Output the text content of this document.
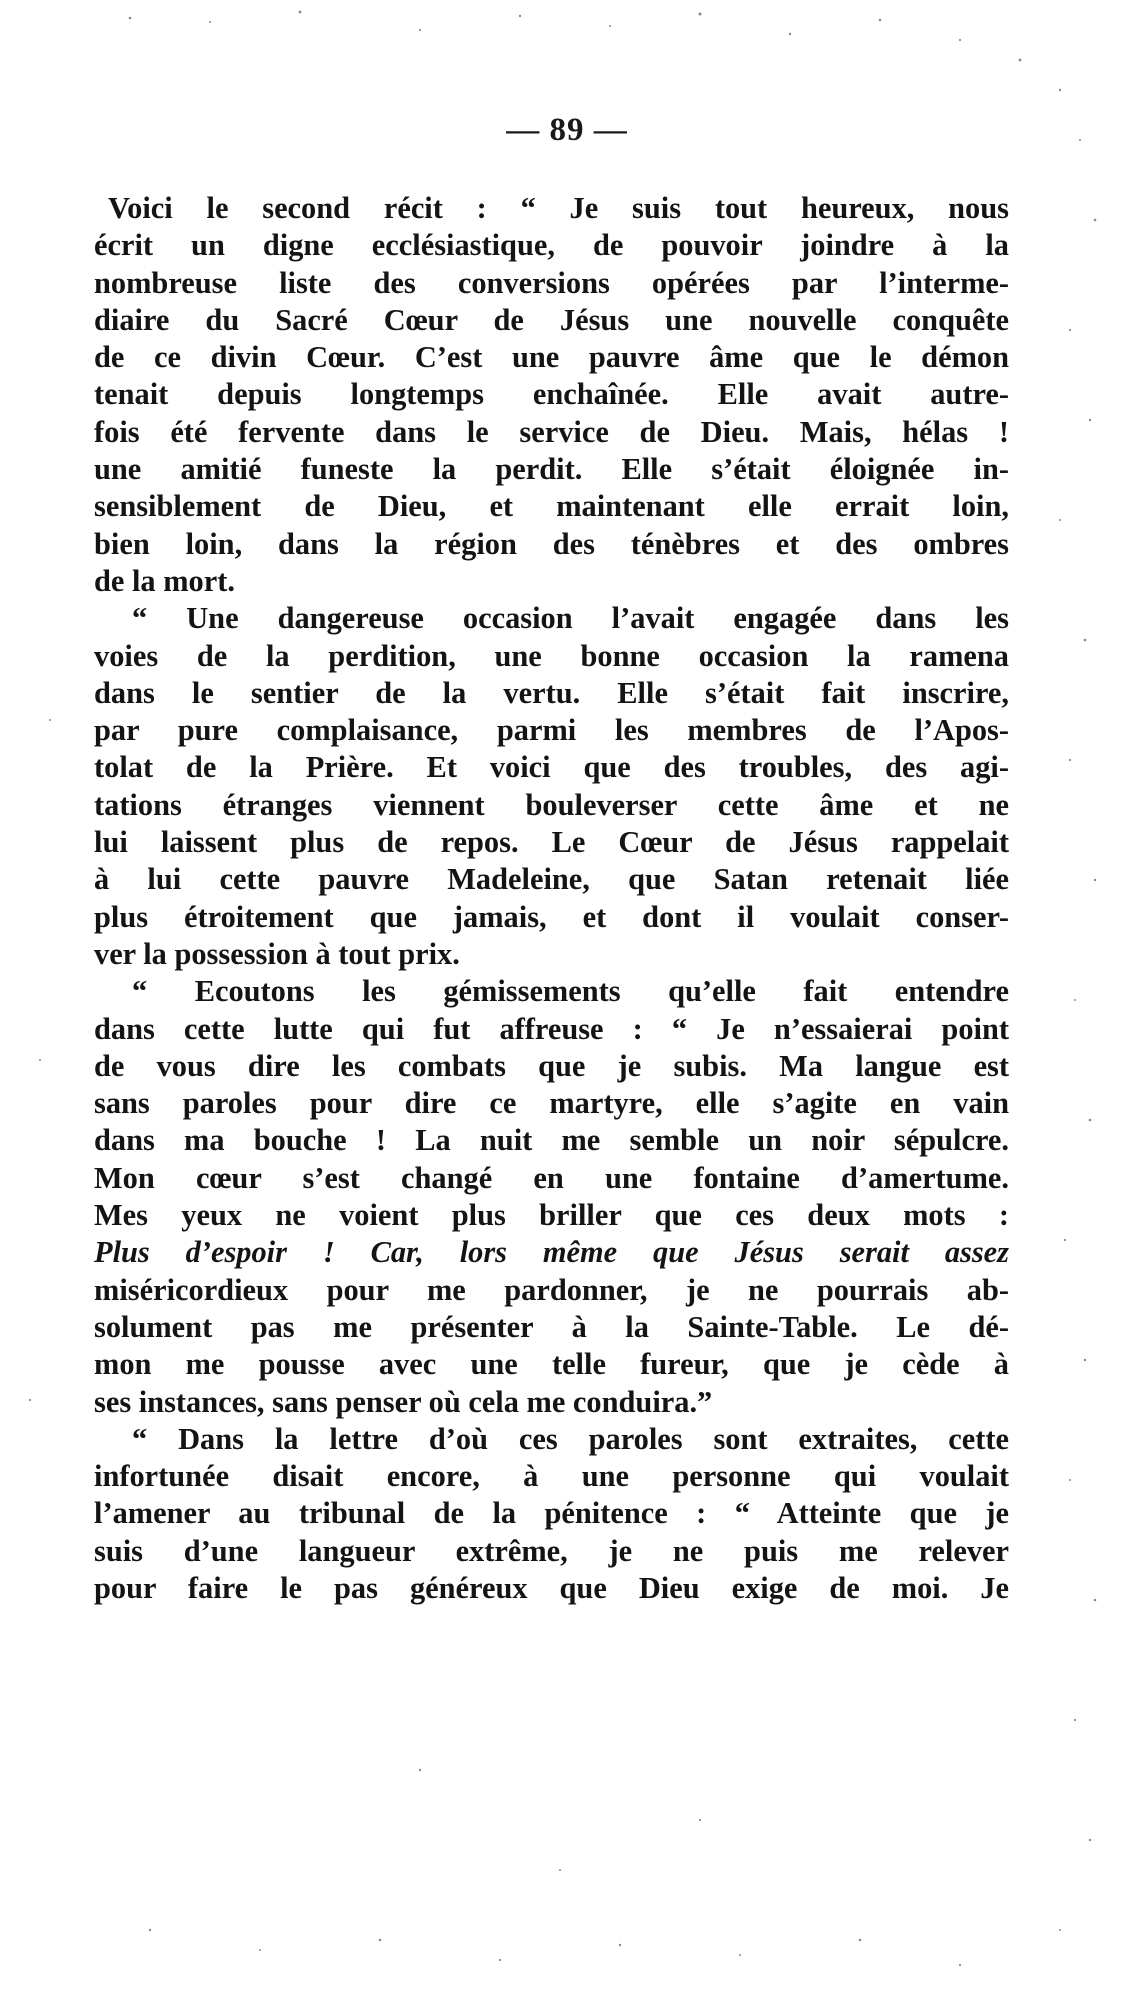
— 89 —
Voici le second récit : “ Je suis tout heureux, nous
écrit un digne ecclésiastique, de pouvoir joindre à la
nombreuse liste des conversions opérées par l’interme-
diaire du Sacré Cœur de Jésus une nouvelle conquête
de ce divin Cœur. C’est une pauvre âme que le démon
tenait depuis longtemps enchaînée. Elle avait autre-
fois été fervente dans le service de Dieu. Mais, hélas !
une amitié funeste la perdit. Elle s’était éloignée in-
sensiblement de Dieu, et maintenant elle errait loin,
bien loin, dans la région des ténèbres et des ombres
de la mort.
“ Une dangereuse occasion l’avait engagée dans les
voies de la perdition, une bonne occasion la ramena
dans le sentier de la vertu. Elle s’était fait inscrire,
par pure complaisance, parmi les membres de l’Apos-
tolat de la Prière. Et voici que des troubles, des agi-
tations étranges viennent bouleverser cette âme et ne
lui laissent plus de repos. Le Cœur de Jésus rappelait
à lui cette pauvre Madeleine, que Satan retenait liée
plus étroitement que jamais, et dont il voulait conser-
ver la possession à tout prix.
“ Ecoutons les gémissements qu’elle fait entendre
dans cette lutte qui fut affreuse : “ Je n’essaierai point
de vous dire les combats que je subis. Ma langue est
sans paroles pour dire ce martyre, elle s’agite en vain
dans ma bouche ! La nuit me semble un noir sépulcre.
Mon cœur s’est changé en une fontaine d’amertume.
Mes yeux ne voient plus briller que ces deux mots :
Plus d’espoir ! Car, lors même que Jésus serait assez
miséricordieux pour me pardonner, je ne pourrais ab-
solument pas me présenter à la Sainte-Table. Le dé-
mon me pousse avec une telle fureur, que je cède à
ses instances, sans penser où cela me conduira.”
“ Dans la lettre d’où ces paroles sont extraites, cette
infortunée disait encore, à une personne qui voulait
l’amener au tribunal de la pénitence : “ Atteinte que je
suis d’une langueur extrême, je ne puis me relever
pour faire le pas généreux que Dieu exige de moi. Je
